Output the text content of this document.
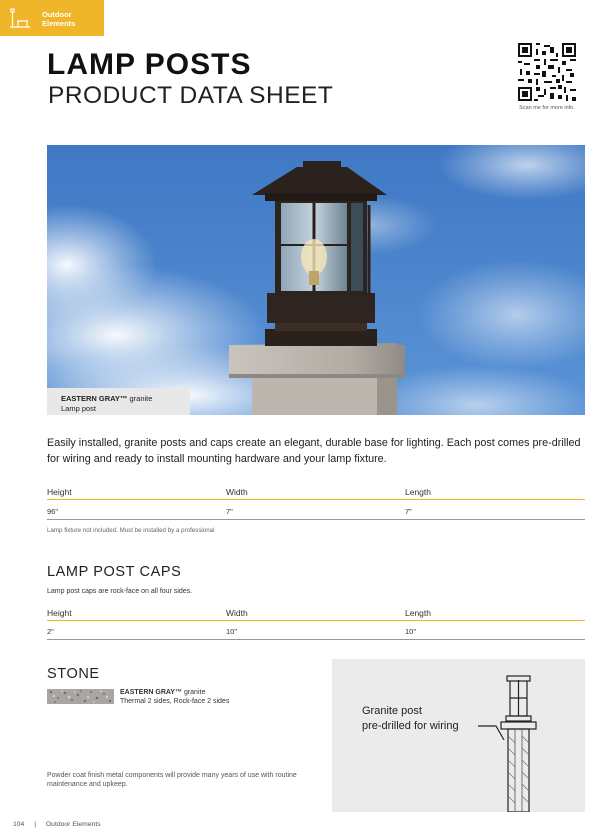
Outdoor Elements
LAMP POSTS
PRODUCT DATA SHEET	Scan me for more info.
EASTERN GRAY™ granite
Lamp post
Easily installed, granite posts and caps create an elegant, durable base for lighting. Each post comes pre-drilled for wiring and ready to install mounting hardware and your lamp fixture.
Height	Width	Length
96"	7"	7"
Lamp fixture not included. Must be installed by a professional
LAMP POST CAPS
Lamp post caps are rock-face on all four sides.
Height	Width	Length
2"	10"	10"
STONE
EASTERN GRAY™ granite
Thermal 2 sides, Rock-face 2 sides
Powder coat finish metal components will provide many years of use with routine maintenance and upkeep.
Granite post
pre-drilled for wiring
104 | Outdoor Elements
